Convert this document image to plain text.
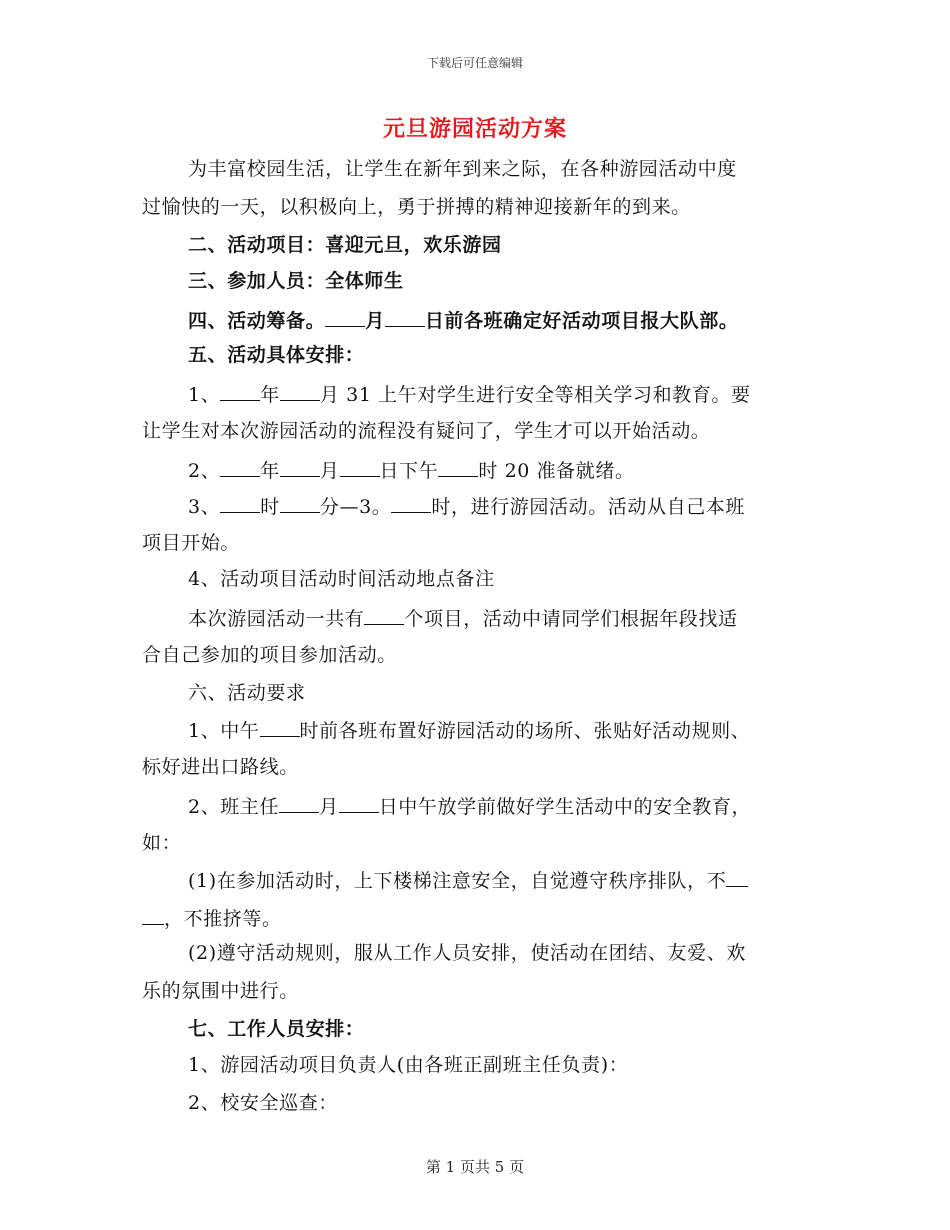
下载后可任意编辑
元旦游园活动方案
为丰富校园生活，让学生在新年到来之际，在各种游园活动中度
过愉快的一天，以积极向上，勇于拼搏的精神迎接新年的到来。
二、活动项目：喜迎元旦，欢乐游园
三、参加人员：全体师生
四、活动筹备。 月 日前各班确定好活动项目报大队部。
五、活动具体安排：
1、 年 月 31 上午对学生进行安全等相关学习和教育。要
让学生对本次游园活动的流程没有疑问了，学生才可以开始活动。
2、 年 月 日下午 时 20 准备就绪。
3、 时 分—3。 时，进行游园活动。活动从自己本班
项目开始。
4、活动项目活动时间活动地点备注
本次游园活动一共有 个项目，活动中请同学们根据年段找适
合自己参加的项目参加活动。
六、活动要求
1、中午 时前各班布置好游园活动的场所、张贴好活动规则、
标好进出口路线。
2、班主任 月 日中午放学前做好学生活动中的安全教育，
如：
(1)在参加活动时，上下楼梯注意安全，自觉遵守秩序排队，不
，不推挤等。
(2)遵守活动规则，服从工作人员安排，使活动在团结、友爱、欢
乐的氛围中进行。
七、工作人员安排：
1、游园活动项目负责人(由各班正副班主任负责)：
2、校安全巡查：
第 1 页共 5 页
